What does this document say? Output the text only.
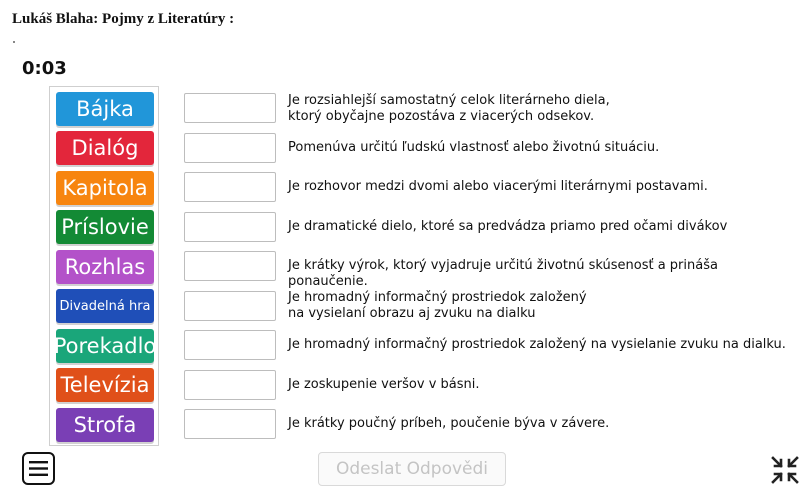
Lukáš Blaha: Pojmy z Literatúry :
0:03
Bájka
Dialóg
Kapitola
Príslovie
Rozhlas
Divadelná hra
Porekadlo
Televízia
Strofa
Je rozsiahlejší samostatný celok literárneho diela,
ktorý obyčajne pozostáva z viacerých odsekov.
Pomenúva určitú ľudskú vlastnosť alebo životnú situáciu.
Je rozhovor medzi dvomi alebo viacerými literárnymi postavami.
Je dramatické dielo, ktoré sa predvádza priamo pred očami divákov
Je krátky výrok, ktorý vyjadruje určitú životnú skúsenosť a prináša ponaučenie.
Je hromadný informačný prostriedok založený
na vysielaní obrazu aj zvuku na dialku
Je hromadný informačný prostriedok založený na vysielanie zvuku na dialku.
Je zoskupenie veršov v básni.
Je krátky poučný príbeh, poučenie býva v závere.
Odeslat Odpovědi
